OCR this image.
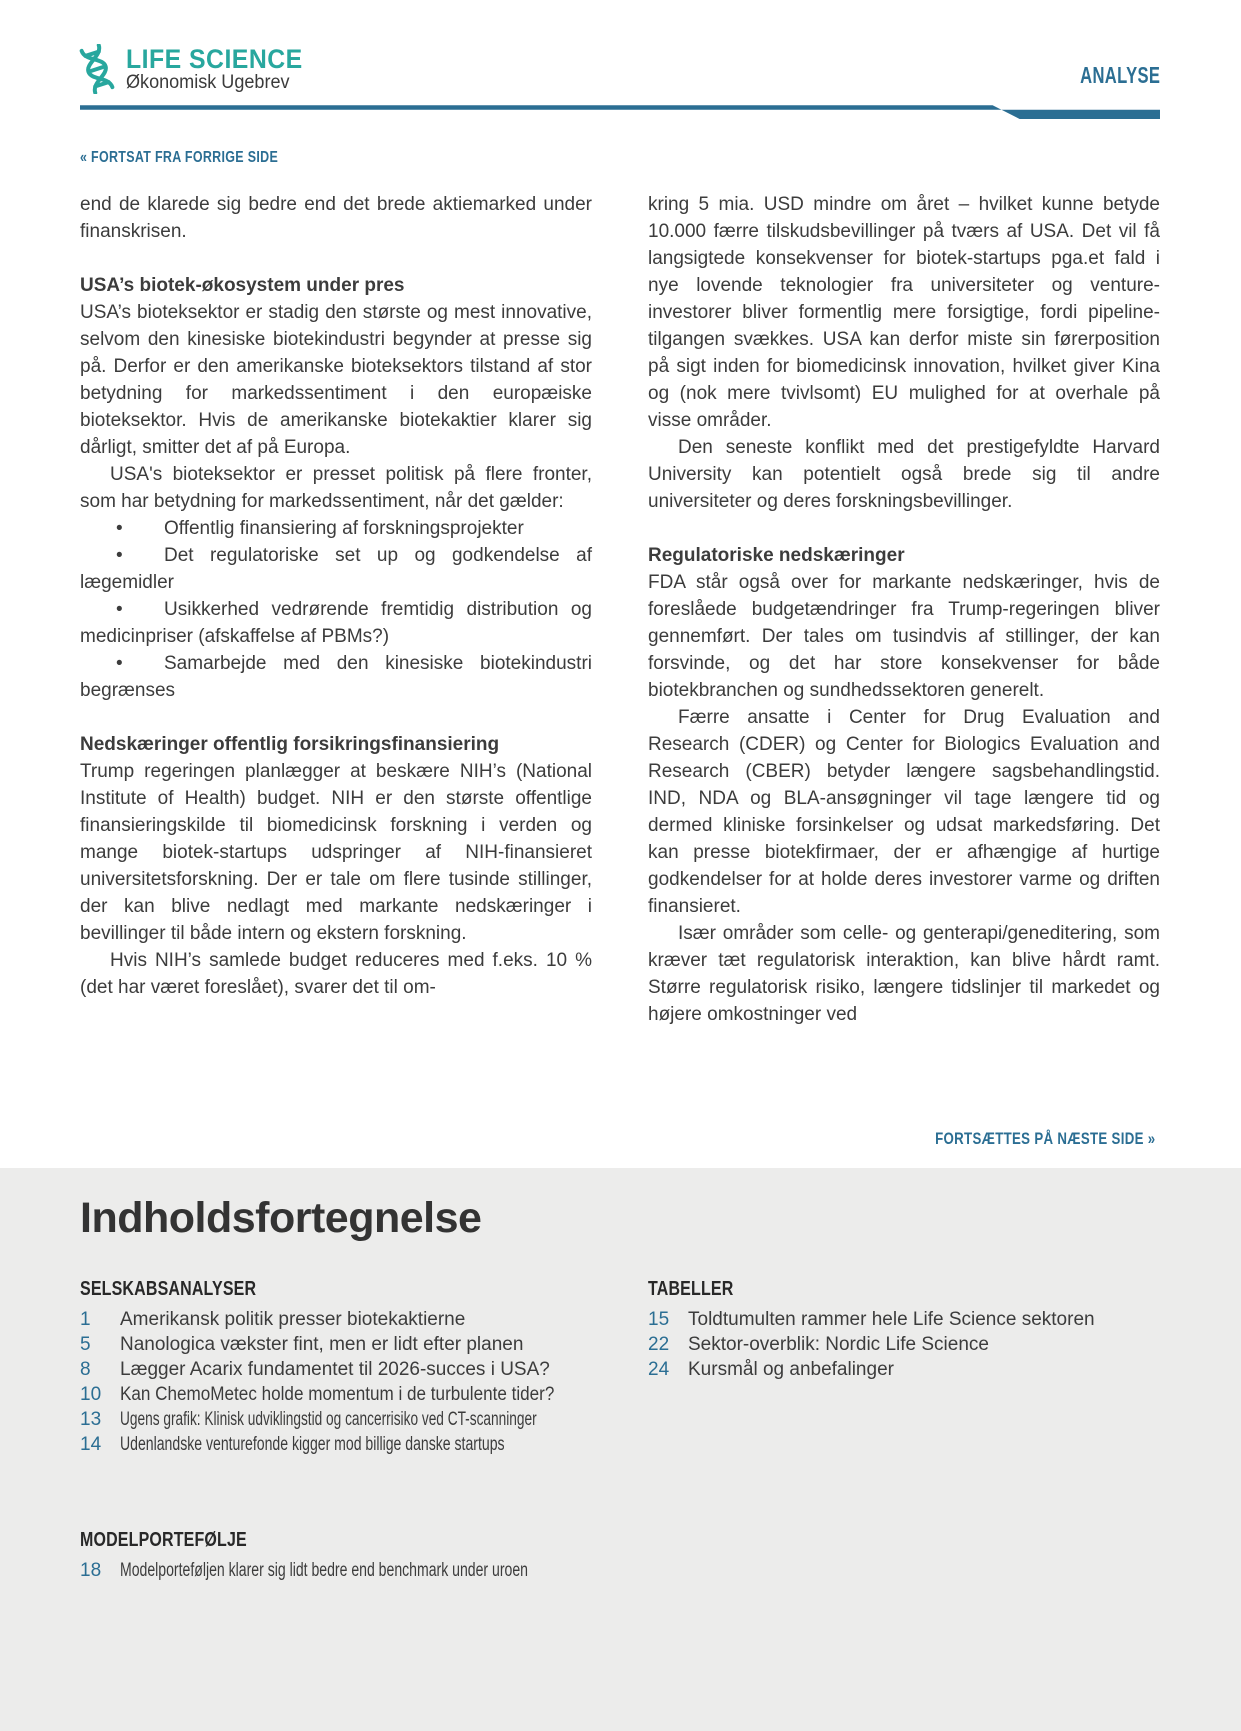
LIFE SCIENCE
Økonomisk Ugebrev	ANALYSE
« FORTSAT FRA FORRIGE SIDE

end de klarede sig bedre end det brede aktiemarked under finanskrisen.

USA’s biotek-økosystem under pres

USA’s bioteksektor er stadig den største og mest innovative, selvom den kinesiske biotekindustri begynder at presse sig på. Derfor er den amerikanske bioteksektors tilstand af stor betydning for markedssentiment i den europæiske bioteksektor. Hvis de amerikanske biotekaktier klarer sig dårligt, smitter det af på Europa.

USA's bioteksektor er presset politisk på flere fronter, som har betydning for markedssentiment, når det gælder:

• Offentlig finansiering af forskningsprojekter

• Det regulatoriske set up og godkendelse af lægemidler

• Usikkerhed vedrørende fremtidig distribution og medicinpriser (afskaffelse af PBMs?)

• Samarbejde med den kinesiske biotekindustri begrænses

Nedskæringer offentlig forsikringsfinansiering

Trump regeringen planlægger at beskære NIH’s (National Institute of Health) budget. NIH er den største offentlige finansieringskilde til biomedicinsk forskning i verden og mange biotek-startups udspringer af NIH-finansieret universitetsforskning. Der er tale om flere tusinde stillinger, der kan blive nedlagt med markante nedskæringer i bevillinger til både intern og ekstern forskning.

Hvis NIH’s samlede budget reduceres med f.eks. 10 % (det har været foreslået), svarer det til om-

kring 5 mia. USD mindre om året – hvilket kunne betyde 10.000 færre tilskudsbevillinger på tværs af USA. Det vil få langsigtede konsekvenser for biotek-startups pga.et fald i nye lovende teknologier fra universiteter og venture-investorer bliver formentlig mere forsigtige, fordi pipeline-tilgangen svækkes. USA kan derfor miste sin førerposition på sigt inden for biomedicinsk innovation, hvilket giver Kina og (nok mere tvivlsomt) EU mulighed for at overhale på visse områder.

Den seneste konflikt med det prestigefyldte Harvard University kan potentielt også brede sig til andre universiteter og deres forskningsbevillinger.

Regulatoriske nedskæringer

FDA står også over for markante nedskæringer, hvis de foreslåede budgetændringer fra Trump-regeringen bliver gennemført. Der tales om tusindvis af stillinger, der kan forsvinde, og det har store konsekvenser for både biotekbranchen og sundhedssektoren generelt.

Færre ansatte i Center for Drug Evaluation and Research (CDER) og Center for Biologics Evaluation and Research (CBER) betyder længere sagsbehandlingstid. IND, NDA og BLA-ansøgninger vil tage længere tid og dermed kliniske forsinkelser og udsat markedsføring. Det kan presse biotekfirmaer, der er afhængige af hurtige godkendelser for at holde deres investorer varme og driften finansieret.

Især områder som celle- og genterapi/geneditering, som kræver tæt regulatorisk interaktion, kan blive hårdt ramt. Større regulatorisk risiko, længere tidslinjer til markedet og højere omkostninger ved

FORTSÆTTES PÅ NÆSTE SIDE »
Indholdsfortegnelse
SELSKABSANALYSER
1	Amerikansk politik presser biotekaktierne
5	Nanologica vækster fint, men er lidt efter planen
8	Lægger Acarix fundamentet til 2026-succes i USA?
10 Kan ChemoMetec holde momentum i de turbulente tider?
13 Ugens grafik: Klinisk udviklingstid og cancerrisiko ved CT-scanninger
14 Udenlandske venturefonde kigger mod billige danske startups
MODELPORTEFØLJE
18 Modelporteføljen klarer sig lidt bedre end benchmark under uroen
TABELLER
15 Toldtumulten rammer hele Life Science sektoren
22 Sektor-overblik: Nordic Life Science
24 Kursmål og anbefalinger
